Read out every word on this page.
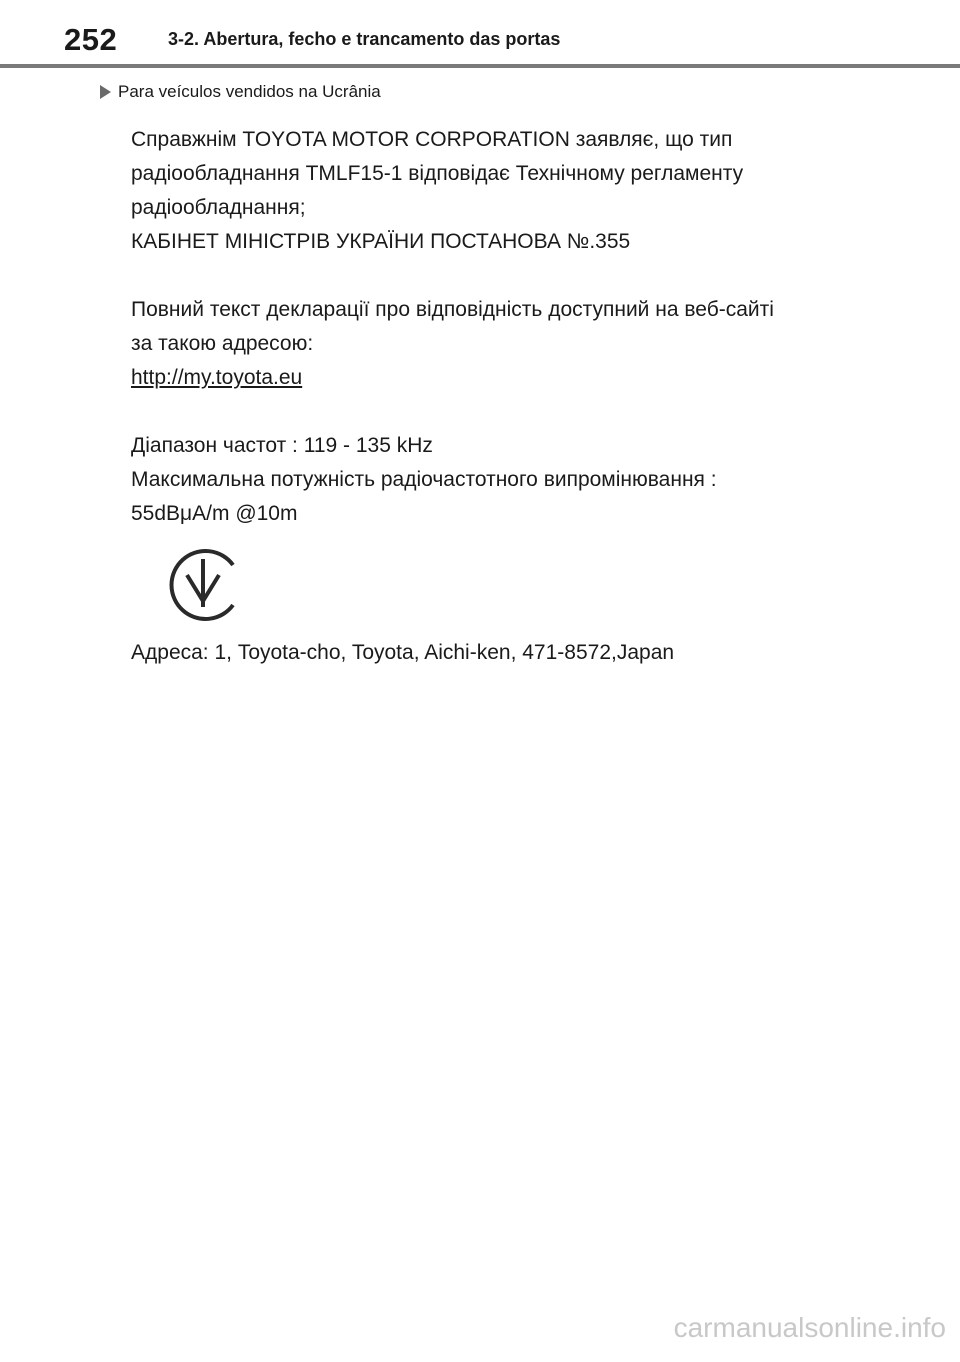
252	3-2. Abertura, fecho e trancamento das portas
Para veículos vendidos na Ucrânia

Справжнім TOYOTA MOTOR CORPORATION заявляє, що тип

радіообладнання TMLF15-1 відповідає Технічному регламенту

радіообладнання;

КАБІНЕТ МІНІСТРІВ УКРАЇНИ ПОСТАНОВА №.355

Повний текст декларації про відповідність доступний на веб-сайті

за такою адресою:

http://my.toyota.eu

Діапазон частот : 119 - 135 kHz

Максимальна потужність радіочастотного випромінювання :

55dBμA/m @10m

Адреса: 1, Toyota-cho, Toyota, Aichi-ken, 471-8572,Japan

carmanualsonline.info
